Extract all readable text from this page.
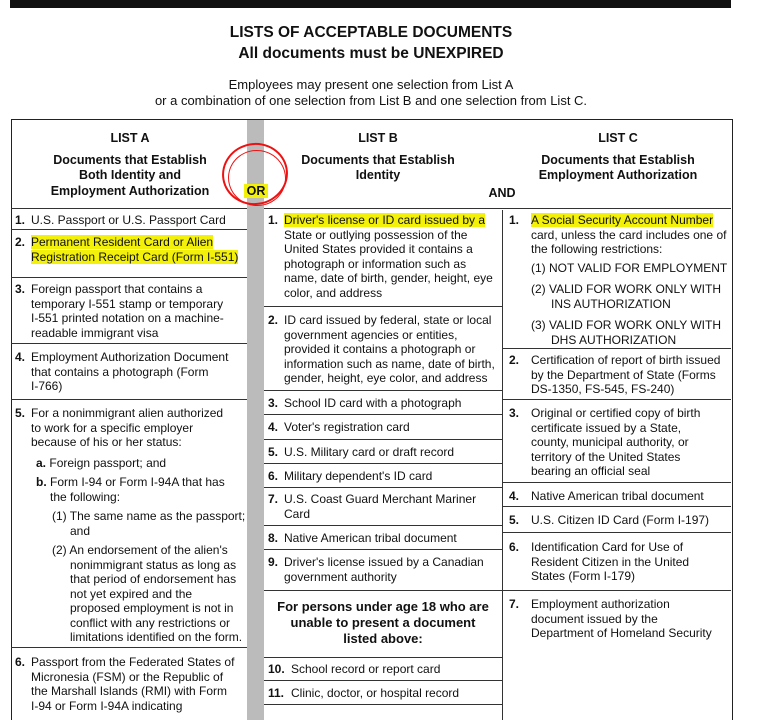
LISTS OF ACCEPTABLE DOCUMENTS
All documents must be UNEXPIRED
Employees may present one selection from List A
or a combination of one selection from List B and one selection from List C.
LIST A
Documents that Establish
Both Identity and
Employment Authorization
LIST B
Documents that Establish
Identity
LIST C
Documents that Establish
Employment Authorization
OR	AND
1. U.S. Passport or U.S. Passport Card
2. Permanent Resident Card or Alien
Registration Receipt Card (Form I-551)
3. Foreign passport that contains a
temporary I-551 stamp or temporary
I-551 printed notation on a machine-
readable immigrant visa
4. Employment Authorization Document
that contains a photograph (Form
I-766)
5. For a nonimmigrant alien authorized
to work for a specific employer
because of his or her status:
a. Foreign passport; and
b. Form I-94 or Form I-94A that has
the following:
(1) The same name as the passport;
and
(2) An endorsement of the alien's
nonimmigrant status as long as
that period of endorsement has
not yet expired and the
proposed employment is not in
conflict with any restrictions or
limitations identified on the form.
6. Passport from the Federated States of
Micronesia (FSM) or the Republic of
the Marshall Islands (RMI) with Form
I-94 or Form I-94A indicating
1. Driver's license or ID card issued by a
State or outlying possession of the
United States provided it contains a
photograph or information such as
name, date of birth, gender, height, eye
color, and address
2. ID card issued by federal, state or local
government agencies or entities,
provided it contains a photograph or
information such as name, date of birth,
gender, height, eye color, and address
3. School ID card with a photograph
4. Voter's registration card
5. U.S. Military card or draft record
6. Military dependent's ID card
7. U.S. Coast Guard Merchant Mariner
Card
8. Native American tribal document
9. Driver's license issued by a Canadian
government authority
For persons under age 18 who are
unable to present a document
listed above:
10. School record or report card
11. Clinic, doctor, or hospital record
1. A Social Security Account Number
card, unless the card includes one of
the following restrictions:
(1) NOT VALID FOR EMPLOYMENT
(2) VALID FOR WORK ONLY WITH
INS AUTHORIZATION
(3) VALID FOR WORK ONLY WITH
DHS AUTHORIZATION
2. Certification of report of birth issued
by the Department of State (Forms
DS-1350, FS-545, FS-240)
3. Original or certified copy of birth
certificate issued by a State,
county, municipal authority, or
territory of the United States
bearing an official seal
4. Native American tribal document
5. U.S. Citizen ID Card (Form I-197)
6. Identification Card for Use of
Resident Citizen in the United
States (Form I-179)
7. Employment authorization
document issued by the
Department of Homeland Security
